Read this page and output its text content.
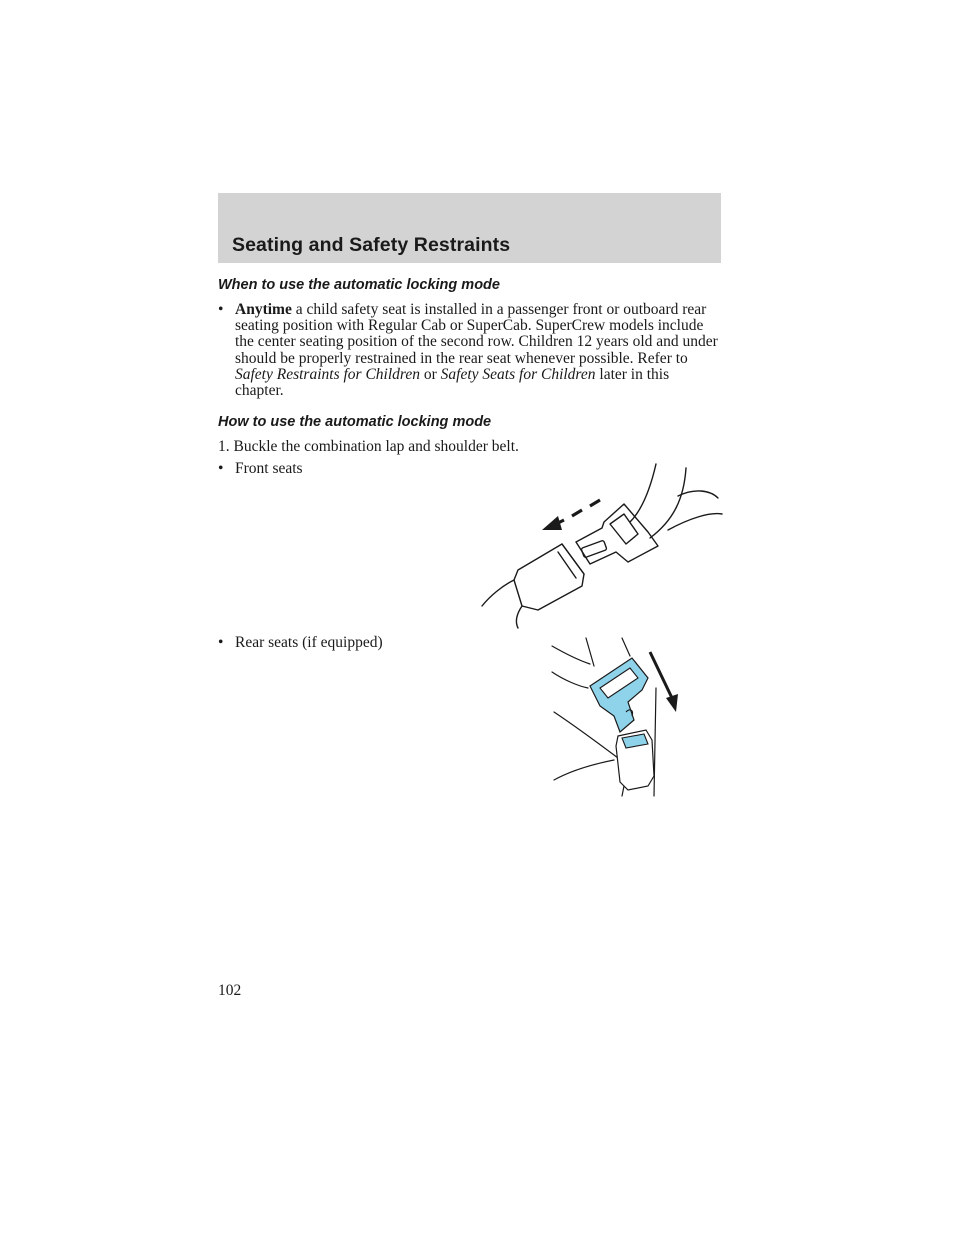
Seating and Safety Restraints
When to use the automatic locking mode
• Anytime a child safety seat is installed in a passenger front or outboard rear seating position with Regular Cab or SuperCab. SuperCrew models include the center seating position of the second row. Children 12 years old and under should be properly restrained in the rear seat whenever possible. Refer to Safety Restraints for Children or Safety Seats for Children later in this chapter.
How to use the automatic locking mode
1. Buckle the combination lap and shoulder belt.
• Front seats
• Rear seats (if equipped)
102
